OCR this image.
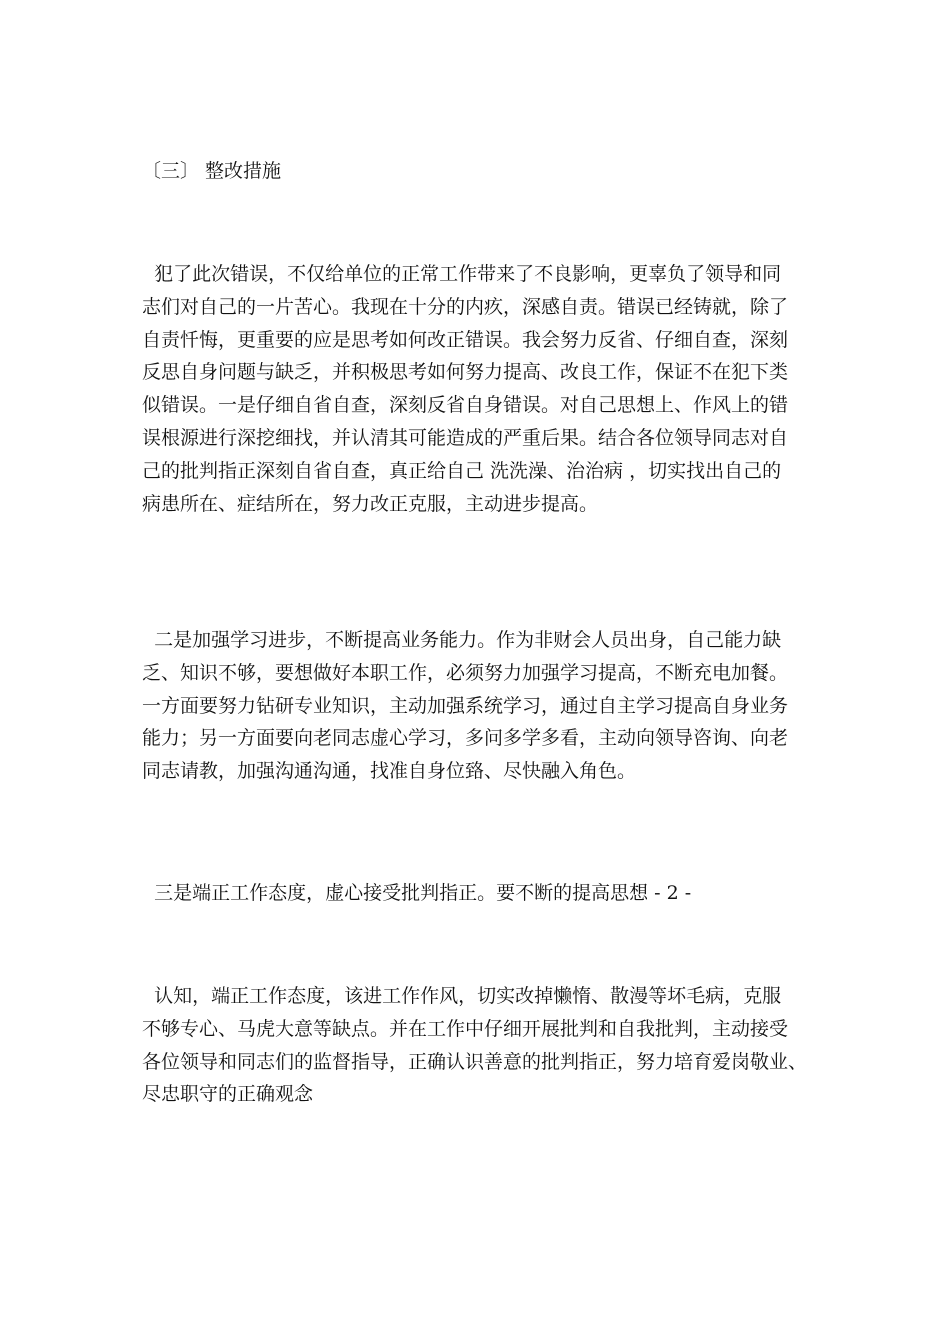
〔三〕 整改措施
犯了此次错误，不仅给单位的正常工作带来了不良影响，更辜负了领导和同
志们对自己的一片苦心。我现在十分的内疚，深感自责。错误已经铸就，除了
自责忏悔，更重要的应是思考如何改正错误。我会努力反省、仔细自查，深刻
反思自身问题与缺乏，并积极思考如何努力提高、改良工作，保证不在犯下类
似错误。一是仔细自省自查，深刻反省自身错误。对自己思想上、作风上的错
误根源进行深挖细找，并认清其可能造成的严重后果。结合各位领导同志对自
己的批判指正深刻自省自查，真正给自己 洗洗澡、治治病 ，切实找出自己的
病患所在、症结所在，努力改正克服，主动进步提高。
二是加强学习进步，不断提高业务能力。作为非财会人员出身，自己能力缺
乏、知识不够，要想做好本职工作，必须努力加强学习提高，不断充电加餐。
一方面要努力钻研专业知识，主动加强系统学习，通过自主学习提高自身业务
能力；另一方面要向老同志虚心学习，多问多学多看，主动向领导咨询、向老
同志请教，加强沟通沟通，找准自身位臵、尽快融入角色。
三是端正工作态度，虚心接受批判指正。要不断的提高思想 - 2 -
认知，端正工作态度，该进工作作风，切实改掉懒惰、散漫等坏毛病，克服
不够专心、马虎大意等缺点。并在工作中仔细开展批判和自我批判，主动接受
各位领导和同志们的监督指导，正确认识善意的批判指正，努力培育爱岗敬业、
尽忠职守的正确观念
